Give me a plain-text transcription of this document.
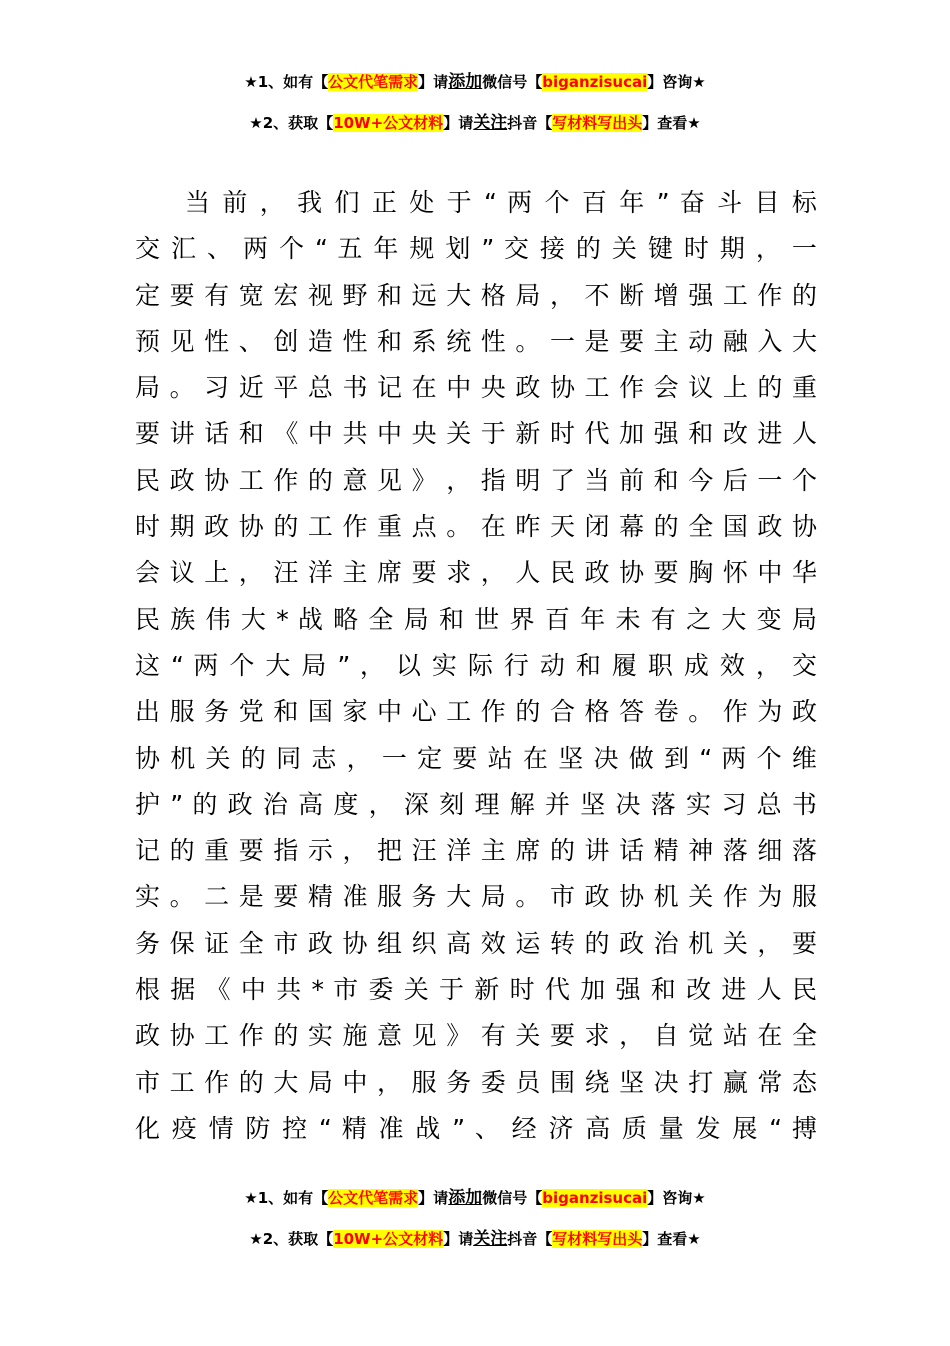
★1、如有【公文代笔需求】请添加微信号【biganzisucai】咨询★
★2、获取【10W+公文材料】请关注抖音【写材料写出头】查看★
当 前 ， 我 们 正 处 于 “ 两 个 百 年 ” 奋 斗 目 标
交 汇 、 两 个 “ 五 年 规 划 ” 交 接 的 关 键 时 期 ， 一
定 要 有 宽 宏 视 野 和 远 大 格 局 ， 不 断 增 强 工 作 的
预 见 性 、 创 造 性 和 系 统 性 。 一 是 要 主 动 融 入 大
局 。 习 近 平 总 书 记 在 中 央 政 协 工 作 会 议 上 的 重
要 讲 话 和 《 中 共 中 央 关 于 新 时 代 加 强 和 改 进 人
民 政 协 工 作 的 意 见 》 ， 指 明 了 当 前 和 今 后 一 个
时 期 政 协 的 工 作 重 点 。 在 昨 天 闭 幕 的 全 国 政 协
会 议 上 ， 汪 洋 主 席 要 求 ， 人 民 政 协 要 胸 怀 中 华
民 族 伟 大 * 战 略 全 局 和 世 界 百 年 未 有 之 大 变 局
这 “ 两 个 大 局 ” ， 以 实 际 行 动 和 履 职 成 效 ， 交
出 服 务 党 和 国 家 中 心 工 作 的 合 格 答 卷 。 作 为 政
协 机 关 的 同 志 ， 一 定 要 站 在 坚 决 做 到 “ 两 个 维
护 ” 的 政 治 高 度 ， 深 刻 理 解 并 坚 决 落 实 习 总 书
记 的 重 要 指 示 ， 把 汪 洋 主 席 的 讲 话 精 神 落 细 落
实 。 二 是 要 精 准 服 务 大 局 。 市 政 协 机 关 作 为 服
务 保 证 全 市 政 协 组 织 高 效 运 转 的 政 治 机 关 ， 要
根 据 《 中 共 * 市 委 关 于 新 时 代 加 强 和 改 进 人 民
政 协 工 作 的 实 施 意 见 》 有 关 要 求 ， 自 觉 站 在 全
市 工 作 的 大 局 中 ， 服 务 委 员 围 绕 坚 决 打 赢 常 态
化 疫 情 防 控 “ 精 准 战 ” 、 经 济 高 质 量 发 展 “ 搏
★1、如有【公文代笔需求】请添加微信号【biganzisucai】咨询★
★2、获取【10W+公文材料】请关注抖音【写材料写出头】查看★
